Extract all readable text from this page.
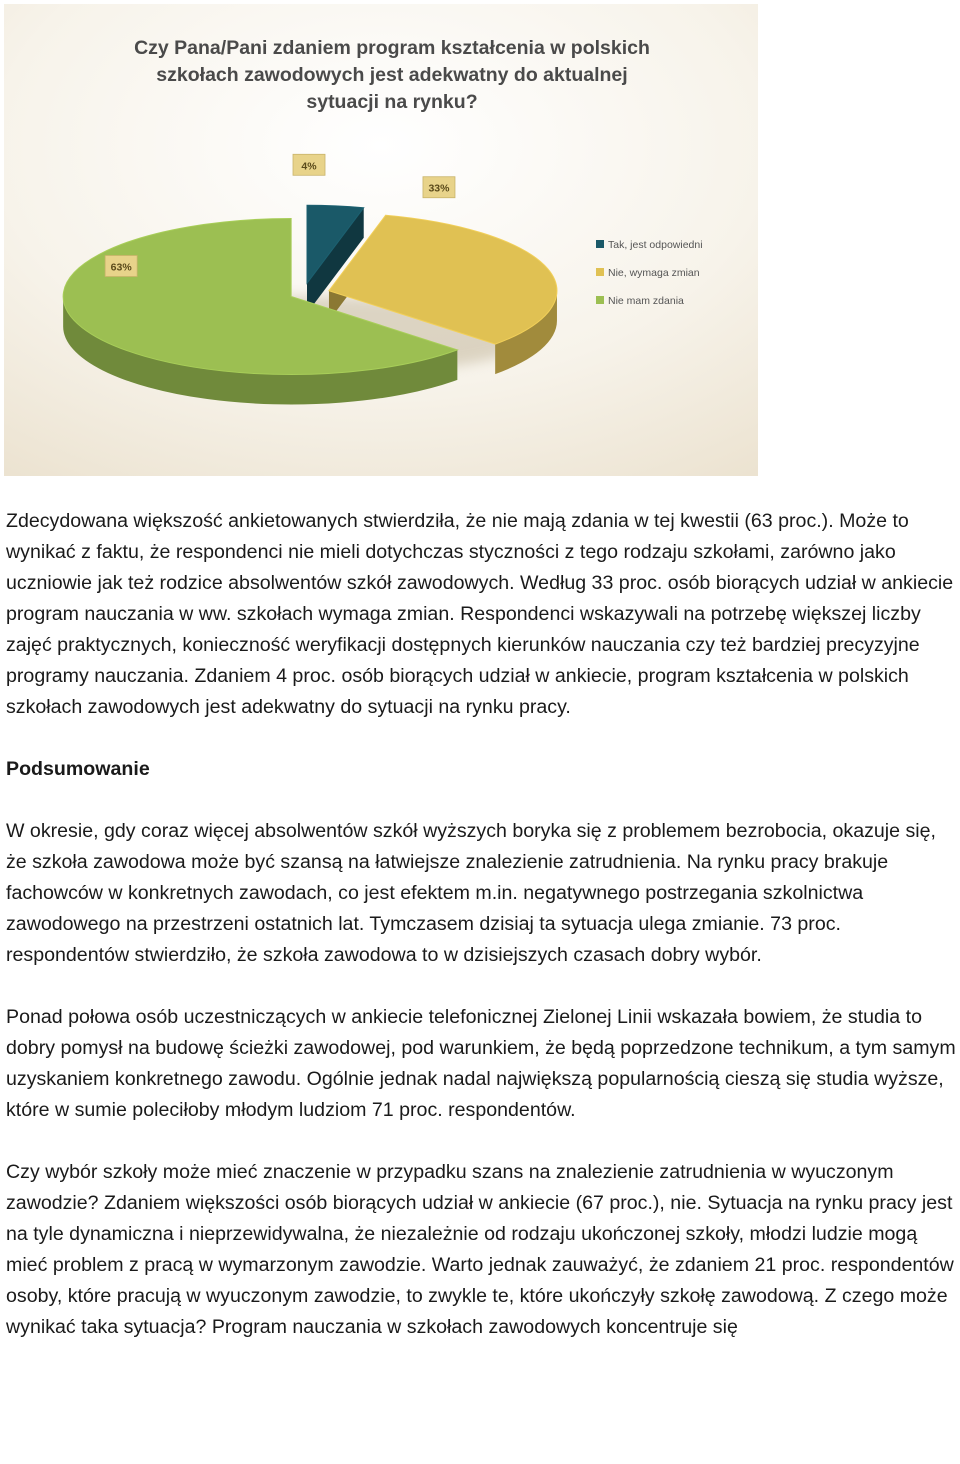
Czy Pana/Pani zdaniem program kształcenia w polskich
szkołach zawodowych jest adekwatny do aktualnej
sytuacji na rynku?
4%
33%
63%
Tak, jest odpowiedni
Nie, wymaga zmian
Nie mam zdania

Zdecydowana większość ankietowanych stwierdziła, że nie mają zdania w tej kwestii (63 proc.). Może to wynikać z faktu, że respondenci nie mieli dotychczas styczności z tego rodzaju szkołami, zarówno jako uczniowie jak też rodzice absolwentów szkół zawodowych. Według 33 proc. osób biorących udział w ankiecie program nauczania w ww. szkołach wymaga zmian. Respondenci wskazywali na potrzebę większej liczby zajęć praktycznych, konieczność weryfikacji dostępnych kierunków nauczania czy też bardziej precyzyjne programy nauczania. Zdaniem 4 proc. osób biorących udział w ankiecie, program kształcenia w polskich szkołach zawodowych jest adekwatny do sytuacji na rynku pracy.

Podsumowanie

W okresie, gdy coraz więcej absolwentów szkół wyższych boryka się z problemem bezrobocia, okazuje się, że szkoła zawodowa może być szansą na łatwiejsze znalezienie zatrudnienia. Na rynku pracy brakuje fachowców w konkretnych zawodach, co jest efektem m.in. negatywnego postrzegania szkolnictwa zawodowego na przestrzeni ostatnich lat. Tymczasem dzisiaj ta sytuacja ulega zmianie. 73 proc. respondentów stwierdziło, że szkoła zawodowa to w dzisiejszych czasach dobry wybór.

Ponad połowa osób uczestniczących w ankiecie telefonicznej Zielonej Linii wskazała bowiem, że studia to dobry pomysł na budowę ścieżki zawodowej, pod warunkiem, że będą poprzedzone technikum, a tym samym uzyskaniem konkretnego zawodu. Ogólnie jednak nadal największą popularnością cieszą się studia wyższe, które w sumie poleciłoby młodym ludziom 71 proc. respondentów.

Czy wybór szkoły może mieć znaczenie w przypadku szans na znalezienie zatrudnienia w wyuczonym zawodzie? Zdaniem większości osób biorących udział w ankiecie (67 proc.), nie. Sytuacja na rynku pracy jest na tyle dynamiczna i nieprzewidywalna, że niezależnie od rodzaju ukończonej szkoły, młodzi ludzie mogą mieć problem z pracą w wymarzonym zawodzie. Warto jednak zauważyć, że zdaniem 21 proc. respondentów osoby, które pracują w wyuczonym zawodzie, to zwykle te, które ukończyły szkołę zawodową. Z czego może wynikać taka sytuacja? Program nauczania w szkołach zawodowych koncentruje się
